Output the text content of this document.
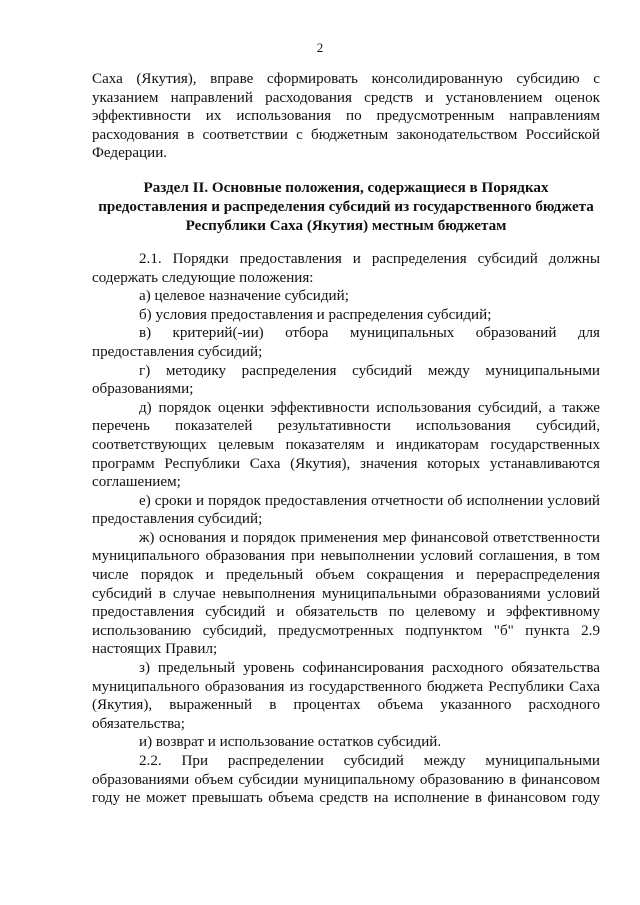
2

Саха (Якутия), вправе сформировать консолидированную субсидию с указанием направлений расходования средств и установлением оценок эффективности их использования по предусмотренным направлениям расходования в соответствии с бюджетным законодательством Российской Федерации.

Раздел II. Основные положения, содержащиеся в Порядках предоставления и распределения субсидий из государственного бюджета Республики Саха (Якутия) местным бюджетам

2.1. Порядки предоставления и распределения субсидий должны содержать следующие положения:

а) целевое назначение субсидий;

б) условия предоставления и распределения субсидий;

в) критерий(-ии) отбора муниципальных образований для предоставления субсидий;

г) методику распределения субсидий между муниципальными образованиями;

д) порядок оценки эффективности использования субсидий, а также перечень показателей результативности использования субсидий, соответствующих целевым показателям и индикаторам государственных программ Республики Саха (Якутия), значения которых устанавливаются соглашением;

е) сроки и порядок предоставления отчетности об исполнении условий предоставления субсидий;

ж) основания и порядок применения мер финансовой ответственности муниципального образования при невыполнении условий соглашения, в том числе порядок и предельный объем сокращения и перераспределения субсидий в случае невыполнения муниципальными образованиями условий предоставления субсидий и обязательств по целевому и эффективному использованию субсидий, предусмотренных подпунктом "б" пункта 2.9 настоящих Правил;

з) предельный уровень софинансирования расходного обязательства муниципального образования из государственного бюджета Республики Саха (Якутия), выраженный в процентах объема указанного расходного обязательства;

и) возврат и использование остатков субсидий.

2.2. При распределении субсидий между муниципальными образованиями объем субсидии муниципальному образованию в финансовом году не может превышать объема средств на исполнение в финансовом году
